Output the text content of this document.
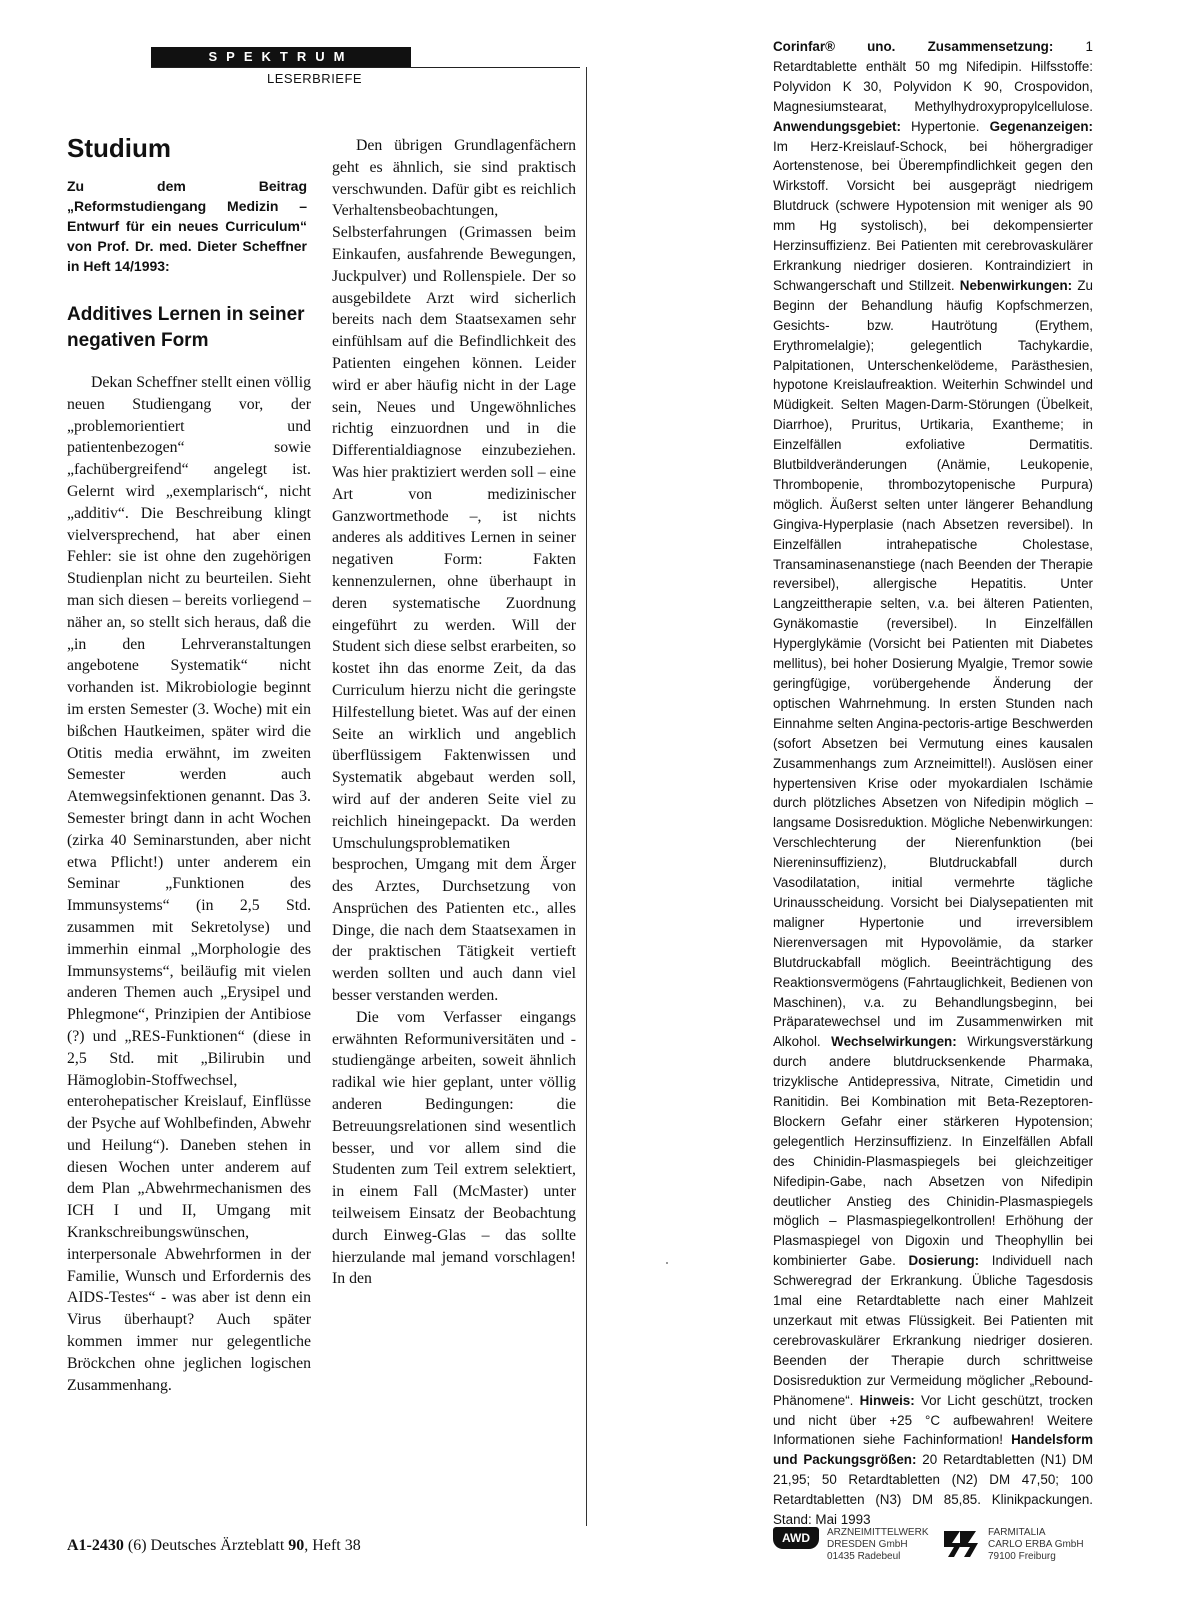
SPEKTRUM
LESERBRIEFE
Studium
Zu dem Beitrag „Reformstudiengang Medizin – Entwurf für ein neues Curriculum“ von Prof. Dr. med. Dieter Scheffner in Heft 14/1993:
Additives Lernen in seiner negativen Form

Dekan Scheffner stellt einen völlig neuen Studiengang vor, der „problemorientiert und patientenbezogen“ sowie „fachübergreifend“ angelegt ist. Gelernt wird „exemplarisch“, nicht „additiv“. Die Beschreibung klingt vielversprechend, hat aber einen Fehler: sie ist ohne den zugehörigen Studienplan nicht zu beurteilen. Sieht man sich diesen – bereits vorliegend – näher an, so stellt sich heraus, daß die „in den Lehrveranstaltungen angebotene Systematik“ nicht vorhanden ist. Mikrobiologie beginnt im ersten Semester (3. Woche) mit ein bißchen Hautkeimen, später wird die Otitis media erwähnt, im zweiten Semester werden auch Atemwegsinfektionen genannt. Das 3. Semester bringt dann in acht Wochen (zirka 40 Seminarstunden, aber nicht etwa Pflicht!) unter anderem ein Seminar „Funktionen des Immunsystems“ (in 2,5 Std. zusammen mit Sekretolyse) und immerhin einmal „Morphologie des Immunsystems“, beiläufig mit vielen anderen Themen auch „Erysipel und Phlegmone“, Prinzipien der Antibiose (?) und „RES-Funktionen“ (diese in 2,5 Std. mit „Bilirubin und Hämoglobin-Stoffwechsel, enterohepatischer Kreislauf, Einflüsse der Psyche auf Wohlbefinden, Abwehr und Heilung“). Daneben stehen in diesen Wochen unter anderem auf dem Plan „Abwehrmechanismen des ICH I und II, Umgang mit Krankschreibungswünschen, interpersonale Abwehrformen in der Familie, Wunsch und Erfordernis des AIDS-Testes“ - was aber ist denn ein Virus überhaupt? Auch später kommen immer nur gelegentliche Bröckchen ohne jeglichen logischen Zusammenhang.

Den übrigen Grundlagenfächern geht es ähnlich, sie sind praktisch verschwunden. Dafür gibt es reichlich Verhaltensbeobachtungen, Selbsterfahrungen (Grimassen beim Einkaufen, ausfahrende Bewegungen, Juckpulver) und Rollenspiele. Der so ausgebildete Arzt wird sicherlich bereits nach dem Staatsexamen sehr einfühlsam auf die Befindlichkeit des Patienten eingehen können. Leider wird er aber häufig nicht in der Lage sein, Neues und Ungewöhnliches richtig einzuordnen und in die Differentialdiagnose einzubeziehen. Was hier praktiziert werden soll – eine Art von medizinischer Ganzwortmethode –, ist nichts anderes als additives Lernen in seiner negativen Form: Fakten kennenzulernen, ohne überhaupt in deren systematische Zuordnung eingeführt zu werden. Will der Student sich diese selbst erarbeiten, so kostet ihn das enorme Zeit, da das Curriculum hierzu nicht die geringste Hilfestellung bietet. Was auf der einen Seite an wirklich und angeblich überflüssigem Faktenwissen und Systematik abgebaut werden soll, wird auf der anderen Seite viel zu reichlich hineingepackt. Da werden Umschulungsproblematiken besprochen, Umgang mit dem Ärger des Arztes, Durchsetzung von Ansprüchen des Patienten etc., alles Dinge, die nach dem Staatsexamen in der praktischen Tätigkeit vertieft werden sollten und auch dann viel besser verstanden werden.

Die vom Verfasser eingangs erwähnten Reformuniversitäten und -studiengänge arbeiten, soweit ähnlich radikal wie hier geplant, unter völlig anderen Bedingungen: die Betreuungsrelationen sind wesentlich besser, und vor allem sind die Studenten zum Teil extrem selektiert, in einem Fall (McMaster) unter teilweisem Einsatz der Beobachtung durch Einweg-Glas – das sollte hierzulande mal jemand vorschlagen! In den

Corinfar® uno. Zusammensetzung: 1 Retardtablette enthält 50 mg Nifedipin. Hilfsstoffe: Polyvidon K 30, Polyvidon K 90, Crospovidon, Magnesiumstearat, Methylhydroxypropylcellulose. Anwendungsgebiet: Hypertonie. Gegenanzeigen: Im Herz-Kreislauf-Schock, bei höhergradiger Aortenstenose, bei Überempfindlichkeit gegen den Wirkstoff. Vorsicht bei ausgeprägt niedrigem Blutdruck (schwere Hypotension mit weniger als 90 mm Hg systolisch), bei dekompensierter Herzinsuffizienz. Bei Patienten mit cerebrovaskulärer Erkrankung niedriger dosieren. Kontraindiziert in Schwangerschaft und Stillzeit. Nebenwirkungen: Zu Beginn der Behandlung häufig Kopfschmerzen, Gesichts- bzw. Hautrötung (Erythem, Erythromelalgie); gelegentlich Tachykardie, Palpitationen, Unterschenkelödeme, Parästhesien, hypotone Kreislaufreaktion. Weiterhin Schwindel und Müdigkeit. Selten Magen-Darm-Störungen (Übelkeit, Diarrhoe), Pruritus, Urtikaria, Exantheme; in Einzelfällen exfoliative Dermatitis. Blutbildveränderungen (Anämie, Leukopenie, Thrombopenie, thrombozytopenische Purpura) möglich. Äußerst selten unter längerer Behandlung Gingiva-Hyperplasie (nach Absetzen reversibel). In Einzelfällen intrahepatische Cholestase, Transaminasenanstiege (nach Beenden der Therapie reversibel), allergische Hepatitis. Unter Langzeittherapie selten, v.a. bei älteren Patienten, Gynäkomastie (reversibel). In Einzelfällen Hyperglykämie (Vorsicht bei Patienten mit Diabetes mellitus), bei hoher Dosierung Myalgie, Tremor sowie geringfügige, vorübergehende Änderung der optischen Wahrnehmung. In ersten Stunden nach Einnahme selten Angina-pectoris-artige Beschwerden (sofort Absetzen bei Vermutung eines kausalen Zusammenhangs zum Arzneimittel!). Auslösen einer hypertensiven Krise oder myokardialen Ischämie durch plötzliches Absetzen von Nifedipin möglich – langsame Dosisreduktion. Mögliche Nebenwirkungen: Verschlechterung der Nierenfunktion (bei Niereninsuffizienz), Blutdruckabfall durch Vasodilatation, initial vermehrte tägliche Urinausscheidung. Vorsicht bei Dialysepatienten mit maligner Hypertonie und irreversiblem Nierenversagen mit Hypovolämie, da starker Blutdruckabfall möglich. Beeinträchtigung des Reaktionsvermögens (Fahrtauglichkeit, Bedienen von Maschinen), v.a. zu Behandlungsbeginn, bei Präparatewechsel und im Zusammenwirken mit Alkohol. Wechselwirkungen: Wirkungsverstärkung durch andere blutdrucksenkende Pharmaka, trizyklische Antidepressiva, Nitrate, Cimetidin und Ranitidin. Bei Kombination mit Beta-Rezeptoren-Blockern Gefahr einer stärkeren Hypotension; gelegentlich Herzinsuffizienz. In Einzelfällen Abfall des Chinidin-Plasmaspiegels bei gleichzeitiger Nifedipin-Gabe, nach Absetzen von Nifedipin deutlicher Anstieg des Chinidin-Plasmaspiegels möglich – Plasmaspiegelkontrollen! Erhöhung der Plasmaspiegel von Digoxin und Theophyllin bei kombinierter Gabe. Dosierung: Individuell nach Schweregrad der Erkrankung. Übliche Tagesdosis 1mal eine Retardtablette nach einer Mahlzeit unzerkaut mit etwas Flüssigkeit. Bei Patienten mit cerebrovaskulärer Erkrankung niedriger dosieren. Beenden der Therapie durch schrittweise Dosisreduktion zur Vermeidung möglicher „Rebound-Phänomene“. Hinweis: Vor Licht geschützt, trocken und nicht über +25 °C aufbewahren! Weitere Informationen siehe Fachinformation! Handelsform und Packungsgrößen: 20 Retardtabletten (N1) DM 21,95; 50 Retardtabletten (N2) DM 47,50; 100 Retardtabletten (N3) DM 85,85. Klinikpackungen. Stand: Mai 1993
A1-2430 (6) Deutsches Ärzteblatt 90, Heft 38	AWD	ARZNEIMITTELWERK
DRESDEN GmbH
01435 Radebeul
FARMITALIA
CARLO ERBA GmbH
79100 Freiburg
